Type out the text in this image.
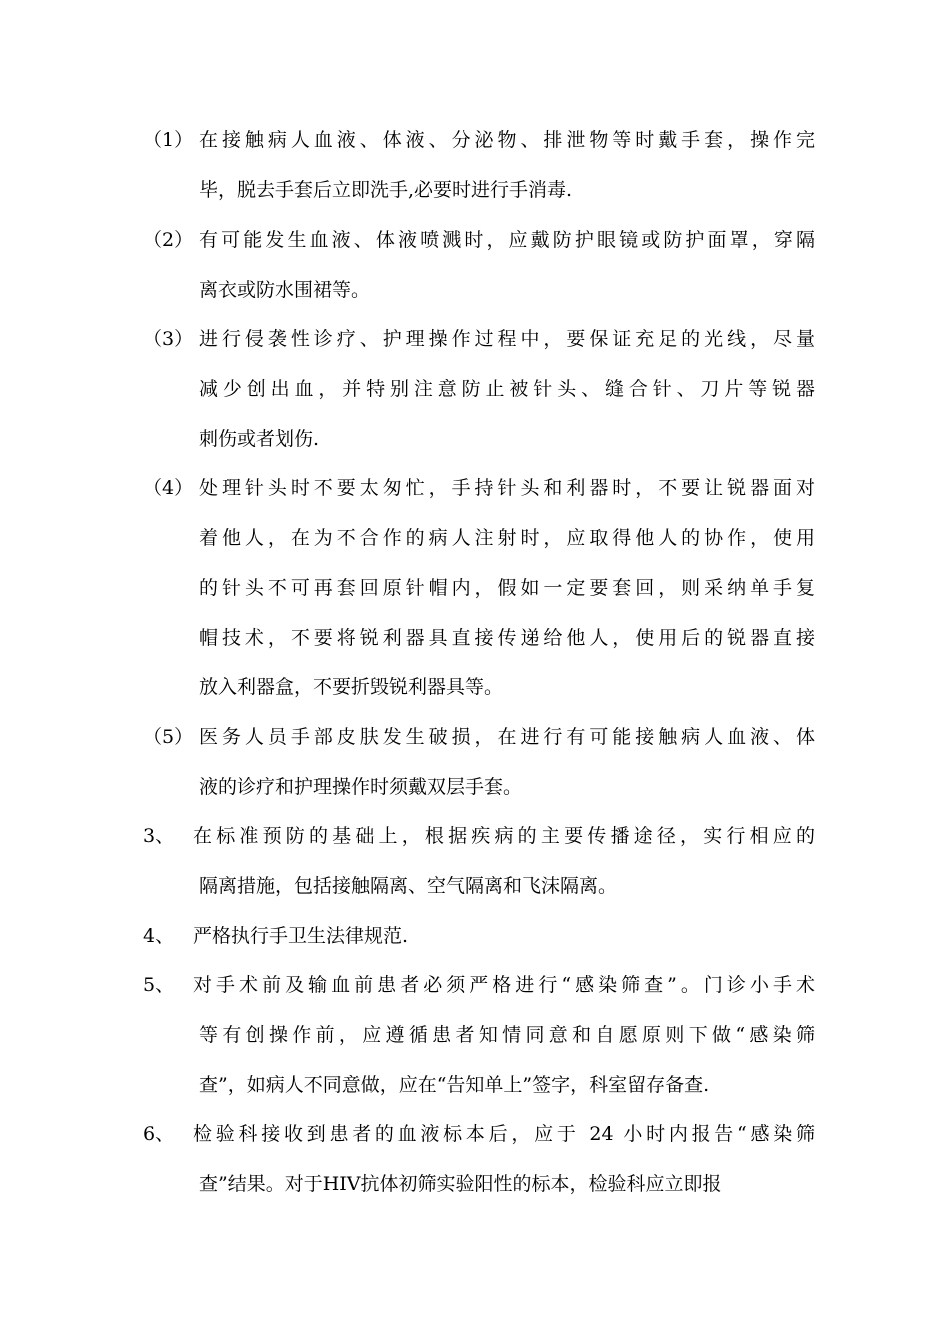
（1） 在接触病人血液、体液、分泌物、排泄物等时戴手套，操作完
毕，脱去手套后立即洗手,必要时进行手消毒.
（2） 有可能发生血液、体液喷溅时，应戴防护眼镜或防护面罩，穿隔
离衣或防水围裙等。
（3） 进行侵袭性诊疗、护理操作过程中，要保证充足的光线，尽量
减少创出血，并特别注意防止被针头、缝合针、刀片等锐器
刺伤或者划伤.
（4） 处理针头时不要太匆忙，手持针头和利器时，不要让锐器面对
着他人，在为不合作的病人注射时，应取得他人的协作，使用
的针头不可再套回原针帽内，假如一定要套回，则采纳单手复
帽技术，不要将锐利器具直接传递给他人，使用后的锐器直接
放入利器盒，不要折毁锐利器具等。
（5） 医务人员手部皮肤发生破损，在进行有可能接触病人血液、体
液的诊疗和护理操作时须戴双层手套。
3、 在标准预防的基础上，根据疾病的主要传播途径，实行相应的
隔离措施，包括接触隔离、空气隔离和飞沫隔离。
4、 严格执行手卫生法律规范.
5、 对手术前及输血前患者必须严格进行“感染筛查”。门诊小手术
等有创操作前，应遵循患者知情同意和自愿原则下做“感染筛
查”，如病人不同意做，应在“告知单上”签字，科室留存备查.
6、 检验科接收到患者的血液标本后，应于 24 小时内报告“感染筛
查”结果。对于HIV抗体初筛实验阳性的标本，检验科应立即报
